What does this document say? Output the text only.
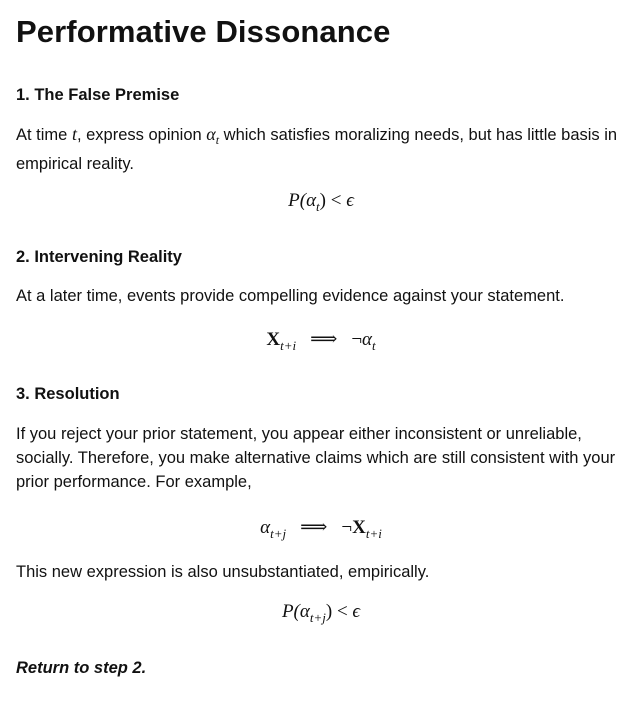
Performative Dissonance
1. The False Premise

At time t, express opinion $\alpha_t$ which satisfies moralizing needs, but has little basis in empirical reality.

$P(\alpha_t) < \epsilon$
2. Intervening Reality

At a later time, events provide compelling evidence against your statement.

$X_{t+i}$ ⟹ $\neg\alpha_t$
3. Resolution

If you reject your prior statement, you appear either inconsistent or unreliable, socially. Therefore, you make alternative claims which are still consistent with your prior performance. For example,

$\alpha_{t+j}$ ⟹ $\neg X_{t+i}$

This new expression is also unsubstantiated, empirically.

$P(\alpha_{t+j}) < \epsilon$

Return to step 2.
